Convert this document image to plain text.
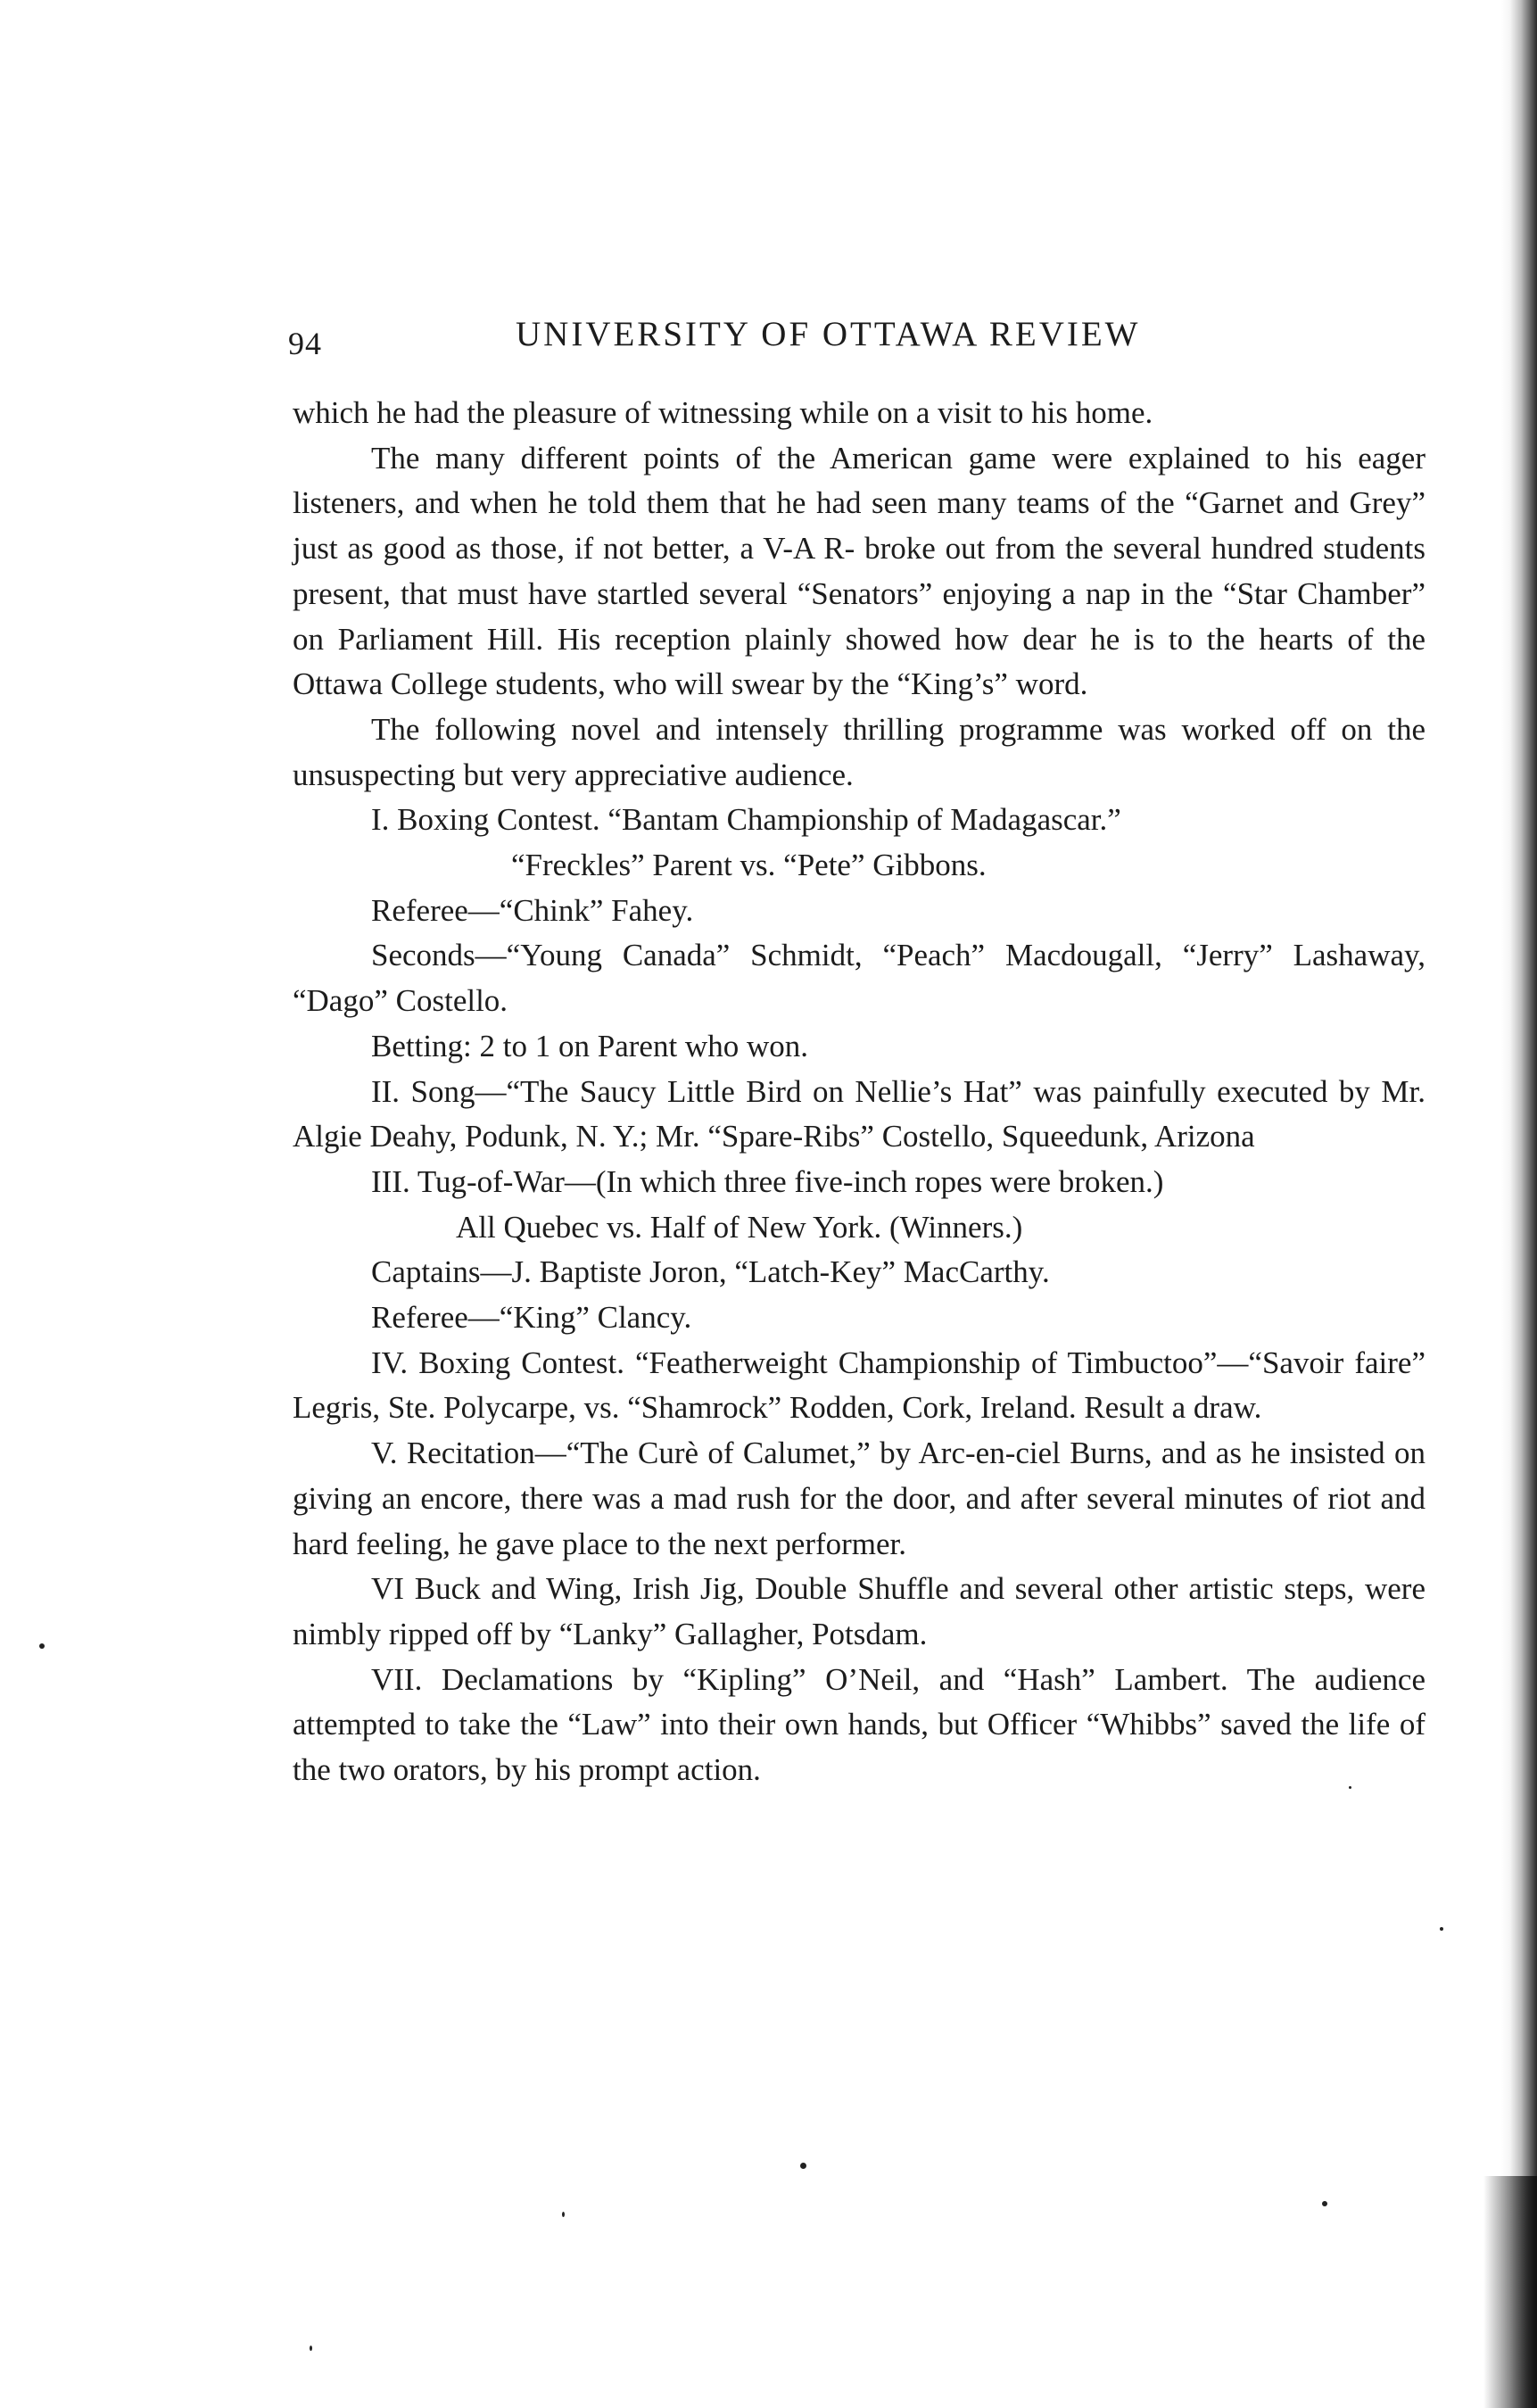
94	UNIVERSITY OF OTTAWA REVIEW

which he had the pleasure of witnessing while on a visit to his home.

The many different points of the American game were explained to his eager listeners, and when he told them that he had seen many teams of the “Garnet and Grey” just as good as those, if not better, a V-A R- broke out from the several hundred students present, that must have startled several “Senators” enjoying a nap in the “Star Chamber” on Parliament Hill. His reception plainly showed how dear he is to the hearts of the Ottawa College students, who will swear by the “King’s” word.

The following novel and intensely thrilling programme was worked off on the unsuspecting but very appreciative audience.

I. Boxing Contest. “Bantam Championship of Madagascar.”

“Freckles” Parent vs. “Pete” Gibbons.

Referee—“Chink” Fahey.

Seconds—“Young Canada” Schmidt, “Peach” Macdougall, “Jerry” Lashaway, “Dago” Costello.

Betting: 2 to 1 on Parent who won.

II. Song—“The Saucy Little Bird on Nellie’s Hat” was painfully executed by Mr. Algie Deahy, Podunk, N. Y.; Mr. “Spare-Ribs” Costello, Squeedunk, Arizona

III. Tug-of-War—(In which three five-inch ropes were broken.)

All Quebec vs. Half of New York. (Winners.)

Captains—J. Baptiste Joron, “Latch-Key” MacCarthy.

Referee—“King” Clancy.

IV. Boxing Contest. “Featherweight Championship of Timbuctoo”—“Savoir faire” Legris, Ste. Polycarpe, vs. “Shamrock” Rodden, Cork, Ireland. Result a draw.

V. Recitation—“The Curè of Calumet,” by Arc-en-ciel Burns, and as he insisted on giving an encore, there was a mad rush for the door, and after several minutes of riot and hard feeling, he gave place to the next performer.

VI Buck and Wing, Irish Jig, Double Shuffle and several other artistic steps, were nimbly ripped off by “Lanky” Gallagher, Potsdam.

VII. Declamations by “Kipling” O’Neil, and “Hash” Lambert. The audience attempted to take the “Law” into their own hands, but Officer “Whibbs” saved the life of the two orators, by his prompt action.
